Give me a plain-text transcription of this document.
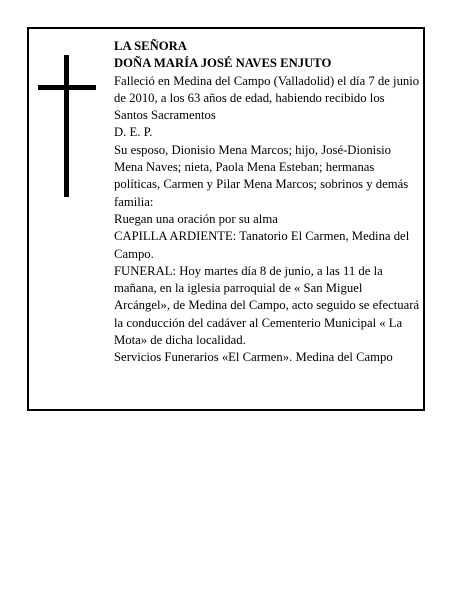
LA SEÑORA

DOÑA MARÍA JOSÉ NAVES ENJUTO

Falleció en Medina del Campo (Valladolid) el día 7 de junio de 2010, a los 63 años de edad, habiendo recibido los Santos Sacramentos

D. E. P.

Su esposo, Dionisio Mena Marcos; hijo, José-Dionisio Mena Naves; nieta, Paola Mena Esteban; hermanas políticas, Carmen y Pilar Mena Marcos; sobrinos y demás familia:

Ruegan una oración por su alma

CAPILLA ARDIENTE: Tanatorio El Carmen, Medina del Campo.

FUNERAL: Hoy martes día 8 de junio, a las 11 de la mañana, en la iglesia parroquial de « San Miguel Arcángel», de Medina del Campo, acto seguido se efectuará la conducción del cadáver al Cementerio Municipal « La Mota» de dicha localidad.

Servicios Funerarios «El Carmen». Medina del Campo
